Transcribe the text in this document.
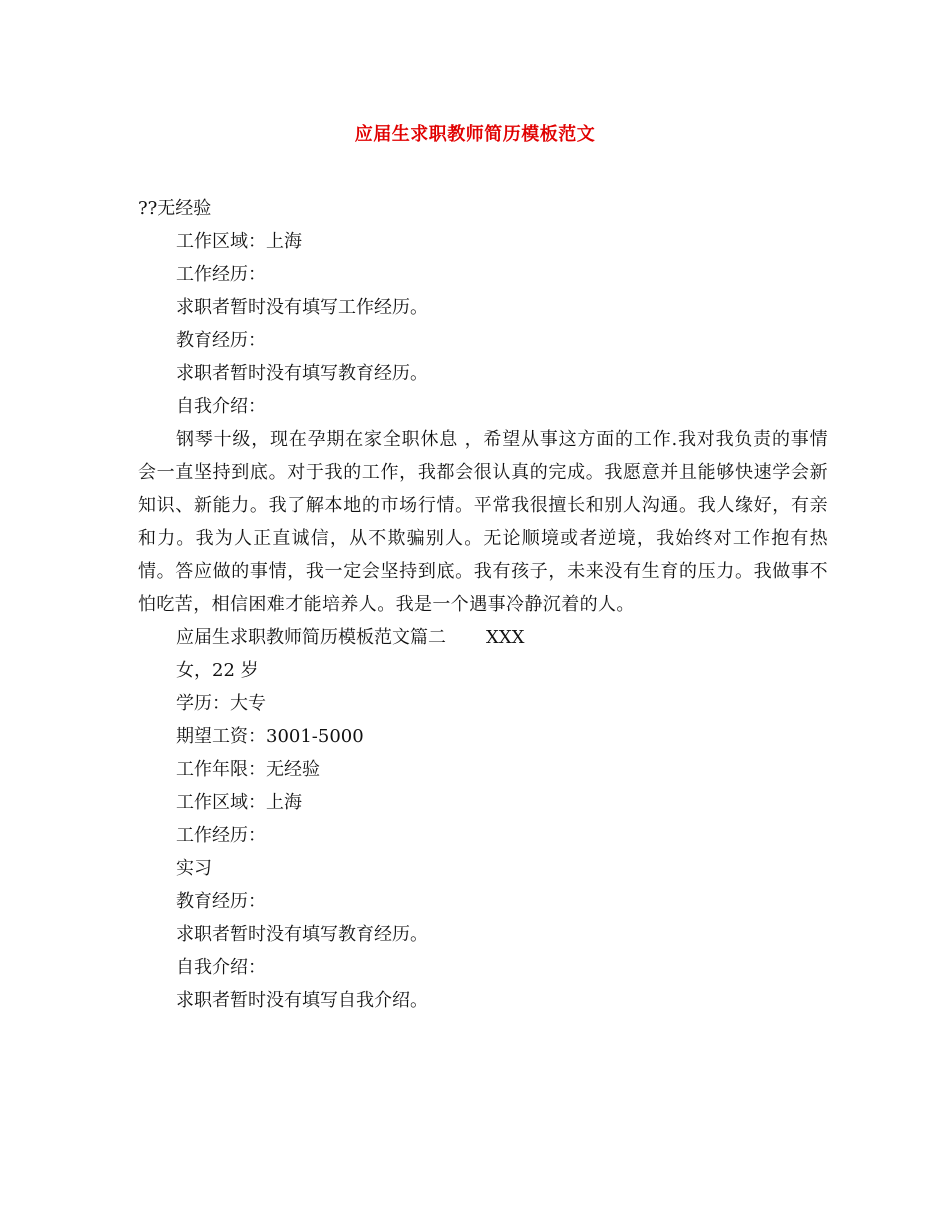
应届生求职教师简历模板范文
??无经验
工作区域：上海
工作经历：
求职者暂时没有填写工作经历。
教育经历：
求职者暂时没有填写教育经历。
自我介绍：
钢琴十级，现在孕期在家全职休息 ，希望从事这方面的工作.我对我负责的事情会一直坚持到底。对于我的工作，我都会很认真的完成。我愿意并且能够快速学会新知识、新能力。我了解本地的市场行情。平常我很擅长和别人沟通。我人缘好，有亲和力。我为人正直诚信，从不欺骗别人。无论顺境或者逆境，我始终对工作抱有热情。答应做的事情，我一定会坚持到底。我有孩子，未来没有生育的压力。我做事不怕吃苦，相信困难才能培养人。我是一个遇事冷静沉着的人。
应届生求职教师简历模板范文篇二 XXX
女，22 岁
学历：大专
期望工资：3001-5000
工作年限：无经验
工作区域：上海
工作经历：
实习
教育经历：
求职者暂时没有填写教育经历。
自我介绍：
求职者暂时没有填写自我介绍。
